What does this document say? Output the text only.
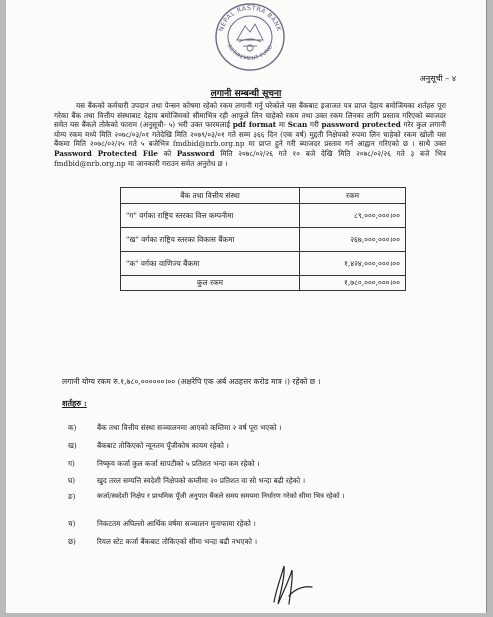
NEPAL RASTRA BANK
RETIREMENT FUND
अनुसूची – ४
लगानी सम्बन्धी सूचना
यस बैंकको कर्मचारी उपदान तथा पेन्सन कोषमा रहेको रकम लगानी गर्नु परेकोले यस बैंकबाट इजाजत पत्र प्राप्त देहाय बमोजिमका शर्तहरु पूरा गरेका बैंक तथा वित्तीय संस्थाबाट देहाय बमोजिमको सीमाभित्र रही आफूले लिन चाहेको रकम तथा उक्त रकम लिनका लागि प्रस्ताव गरिएको ब्याजदर समेत यस बैंकले तोकेको फाराम (अनुसूची- ५) भरी उक्त फारमलाई pdf format मा Scan गरी password protected गरेर कुल लगानी योग्य रकम मध्ये मिति २०७८/०३/०१ गतेदेखि मिति २०७९/०३/०१ गते सम्म ३६६ दिन (एक वर्ष) मुद्दती निक्षेपको रुपमा लिन चाहेको रकम खोली यस बैंकमा मिति २०७८/०२/२५ गते ५ बजेभित्र fmdbid@nrb.org.np मा प्राप्त हुने गरी ब्याजदर प्रस्ताव गर्न आह्वान गरिएको छ । साथै उक्त Password Protected File को Password मिति २०७८/०२/२६ गते १० बजे देखि मिति २०७८/०२/२६ गते ३ बजे भित्र fmdbid@nrb.org.np मा जानकारी गराउन समेत अनुरोध छ ।
बैंक तथा वित्तीय संस्था	रकम
"ग" वर्गका राष्ट्रिय स्तरका वित्त कम्पनीमा	८९,०००,०००।००
"ख" वर्गका राष्ट्रिय स्तरका विकास बैंकमा	२६७,०००,०००।००
"क" वर्गका वाणिज्य बैंकमा	१,४२४,०००,०००।००
कुल रकम	१,७८०,०००,०००।००
लगानी योग्य रकम रु.१,७८०,००००००।०० (अक्षरेपि एक अर्ब अठहत्तर करोड मात्र ।) रहेको छ ।
शर्तहरु :
क)	बैंक तथा वित्तीय संस्था सञ्चालनमा आएको कम्तिमा २ वर्ष पूरा भएको ।
ख)	बैंकबाट तोकिएको न्यूनतम पूँजीकोष कायम रहेको ।
ग)	निष्कृय कर्जा कुल कर्जा सापटीको ५ प्रतिशत भन्दा कम रहेको ।
घ)	खुद तरल सम्पत्ति स्वदेशी निक्षेपको कम्तीमा २० प्रतिशत वा सो भन्दा बढी रहेको ।
ङ)	कर्जा/स्वदेशी निक्षेप र प्राथमिक पूँजी अनुपात बैंकले समय समयमा निर्धारण गरेको सीमा भित्र रहेको ।
च)	निकटतम अघिल्लो आर्थिक वर्षमा सञ्चालन मुनाफामा रहेको ।
छ)	रियल स्टेट कर्जा बैंकबाट तोकिएको सीमा भन्दा बढी नभएको ।
